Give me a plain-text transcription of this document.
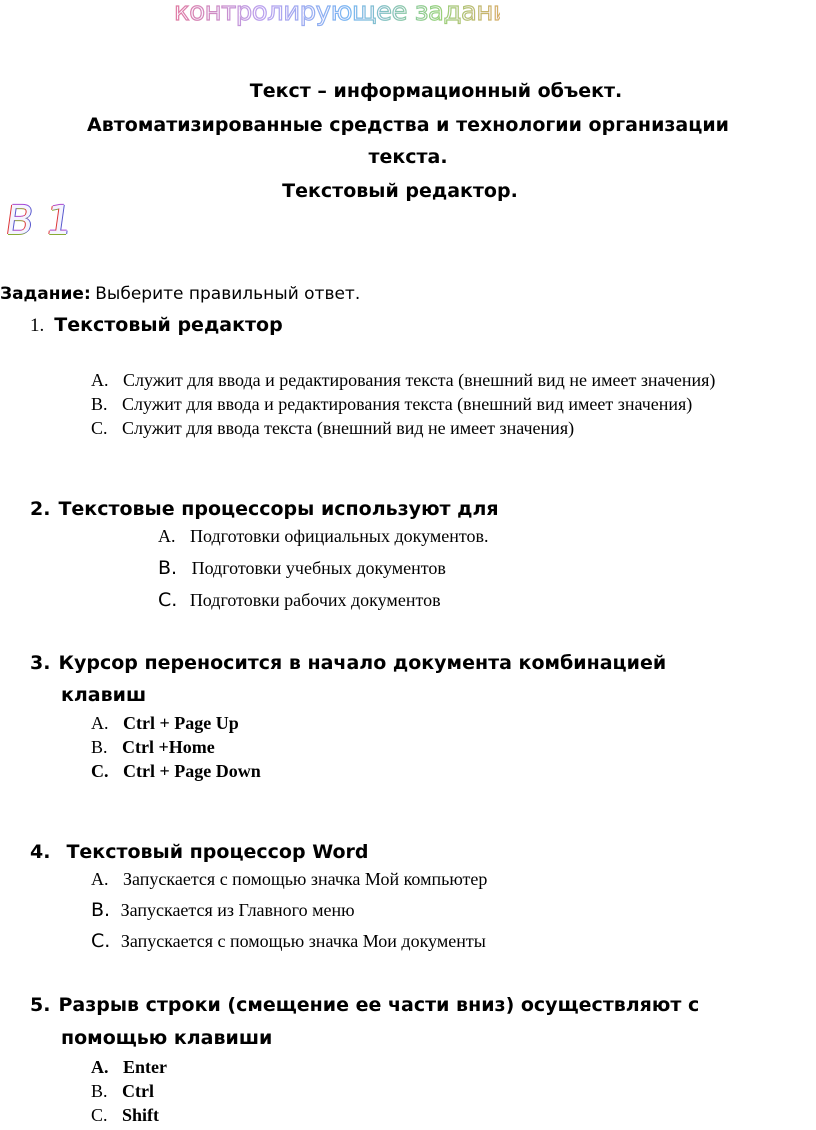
контролирующее задание
Текст – информационный объект.
Автоматизированные средства и технологии организации
текста.
Текстовый редактор.
В 1
Задание: Выберите правильный ответ.
1. Текстовый редактор
A. Служит для ввода и редактирования текста (внешний вид не имеет значения)
B. Служит для ввода и редактирования текста (внешний вид имеет значения)
C. Служит для ввода текста (внешний вид не имеет значения)
2. Текстовые процессоры используют для
A. Подготовки официальных документов.
B. Подготовки учебных документов
C. Подготовки рабочих документов
3. Курсор переносится в начало документа комбинацией
клавиш
A. Ctrl + Page Up
B. Ctrl +Home
C. Ctrl + Page Down
4. Текстовый процессор Word
A. Запускается с помощью значка Мой компьютер
B. Запускается из Главного меню
C. Запускается с помощью значка Мои документы
5. Разрыв строки (смещение ее части вниз) осуществляют с
помощью клавиши
A. Enter
B. Ctrl
C. Shift
